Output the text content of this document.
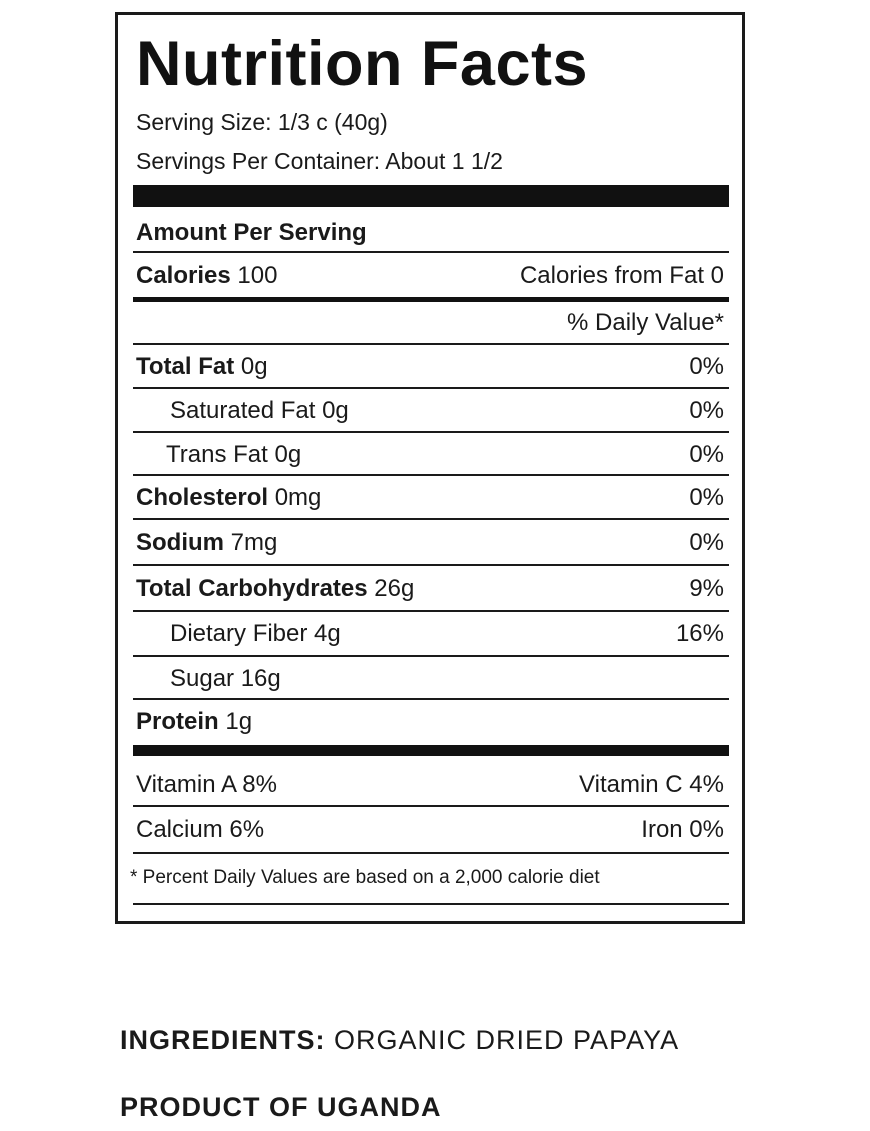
Nutrition Facts
Serving Size: 1/3 c (40g)
Servings Per Container: About 1 1/2
Amount Per Serving
Calories 100	Calories from Fat 0
% Daily Value*
Total Fat 0g	0%
Saturated Fat 0g	0%
Trans Fat 0g	0%
Cholesterol 0mg	0%
Sodium 7mg	0%
Total Carbohydrates 26g	9%
Dietary Fiber 4g	16%
Sugar 16g
Protein 1g
Vitamin A 8%	Vitamin C 4%
Calcium 6%	Iron 0%
* Percent Daily Values are based on a 2,000 calorie diet
INGREDIENTS: ORGANIC DRIED PAPAYA
PRODUCT OF UGANDA
